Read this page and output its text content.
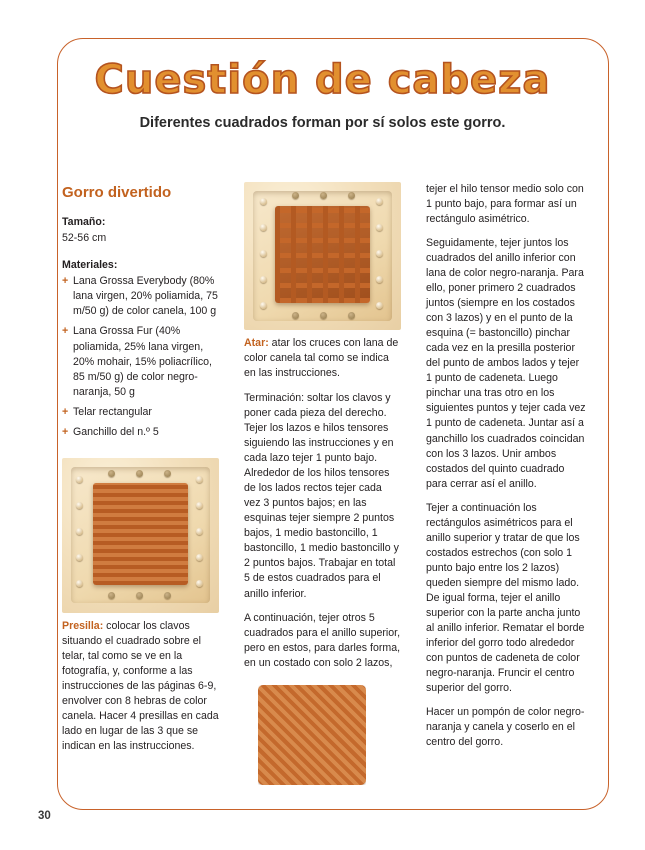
Cuestión de cabeza
Diferentes cuadrados forman por sí solos este gorro.
Gorro divertido

Tamaño:

52-56 cm

Materiales:

+ Lana Grossa Everybody (80% lana virgen, 20% poliamida, 75 m/50 g) de color canela, 100 g
+ Lana Grossa Fur (40% poliamida, 25% lana virgen, 20% mohair, 15% poliacrílico, 85 m/50 g) de color negro-naranja, 50 g
+ Telar rectangular
+ Ganchillo del n.º 5

Presilla: colocar los clavos situando el cuadrado sobre el telar, tal como se ve en la fotografía, y, conforme a las instrucciones de las páginas 6-9, envolver con 8 hebras de color canela. Hacer 4 presillas en cada lado en lugar de las 3 que se indican en las instrucciones.

Atar: atar los cruces con lana de color canela tal como se indica en las instrucciones.

Terminación: soltar los clavos y poner cada pieza del derecho. Tejer los lazos e hilos tensores siguiendo las instrucciones y en cada lazo tejer 1 punto bajo. Alrededor de los hilos tensores de los lados rectos tejer cada vez 3 puntos bajos; en las esquinas tejer siempre 2 puntos bajos, 1 medio bastoncillo, 1 bastoncillo, 1 medio bastoncillo y 2 puntos bajos. Trabajar en total 5 de estos cuadrados para el anillo inferior.

A continuación, tejer otros 5 cuadrados para el anillo superior, pero en estos, para darles forma, en un costado con solo 2 lazos,

tejer el hilo tensor medio solo con 1 punto bajo, para formar así un rectángulo asimétrico.

Seguidamente, tejer juntos los cuadrados del anillo inferior con lana de color negro-naranja. Para ello, poner primero 2 cuadrados juntos (siempre en los costados con 3 lazos) y en el punto de la esquina (= bastoncillo) pinchar cada vez en la presilla posterior del punto de ambos lados y tejer 1 punto de cadeneta. Luego pinchar una tras otro en los siguientes puntos y tejer cada vez 1 punto de cadeneta. Juntar así a ganchillo los cuadrados coincidan con los 3 lazos. Unir ambos costados del quinto cuadrado para cerrar así el anillo.

Tejer a continuación los rectángulos asimétricos para el anillo superior y tratar de que los costados estrechos (con solo 1 punto bajo entre los 2 lazos) queden siempre del mismo lado. De igual forma, tejer el anillo superior con la parte ancha junto al anillo inferior. Rematar el borde inferior del gorro todo alrededor con puntos de cadeneta de color negro-naranja. Fruncir el centro superior del gorro.

Hacer un pompón de color negro-naranja y canela y coserlo en el centro del gorro.

30
